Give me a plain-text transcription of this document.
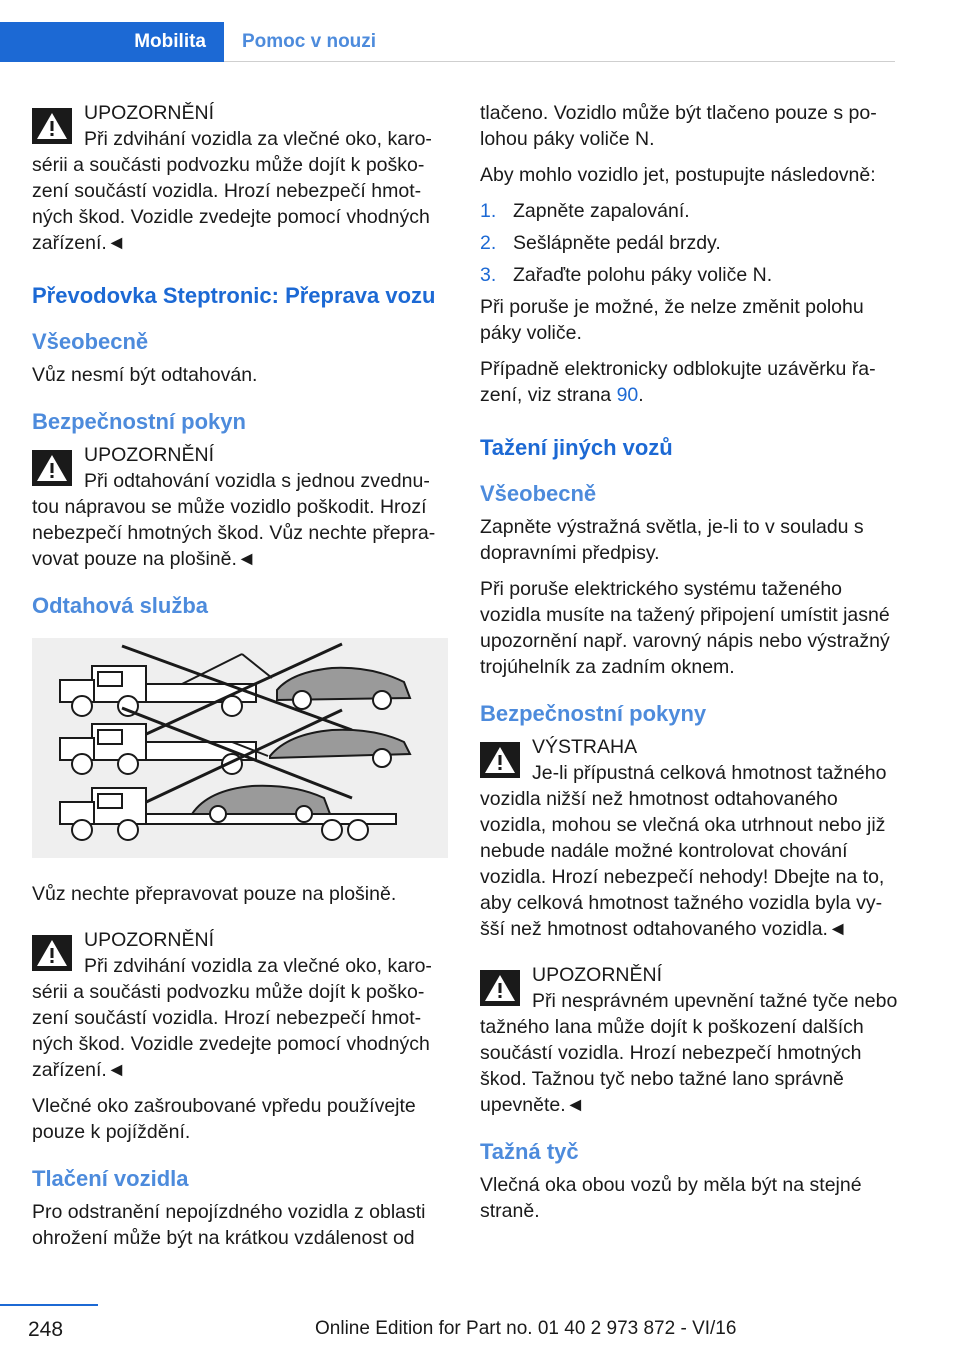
Mobilita	Pomoc v nouzi
UPOZORNĚNÍ
Při zdvihání vozidla za vlečné oko, karosérii a součásti podvozku může dojít k poškození součástí vozidla. Hrozí nebezpečí hmotných škod. Vozidle zvedejte pomocí vhodných zařízení.◄
Převodovka Steptronic: Přeprava vozu
Všeobecně

Vůz nesmí být odtahován.

Bezpečnostní pokyn
UPOZORNĚNÍ
Při odtahování vozidla s jednou zvednutou nápravou se může vozidlo poškodit. Hrozí nebezpečí hmotných škod. Vůz nechte přepravovat pouze na plošině.◄
Odtahová služba

Vůz nechte přepravovat pouze na plošině.

UPOZORNĚNÍ
Při zdvihání vozidla za vlečné oko, karosérii a součásti podvozku může dojít k poškození součástí vozidla. Hrozí nebezpečí hmotných škod. Vozidle zvedejte pomocí vhodných zařízení.◄

Vlečné oko zašroubované vpředu používejte pouze k pojíždění.

Tlačení vozidla

Pro odstranění nepojízdného vozidla z oblasti ohrožení může být na krátkou vzdálenost od

tlačeno. Vozidlo může být tlačeno pouze s polohou páky voliče N.

Aby mohlo vozidlo jet, postupujte následovně:

1. Zapněte zapalování.
2. Sešlápněte pedál brzdy.
3. Zařaďte polohu páky voliče N.

Při poruše je možné, že nelze změnit polohu páky voliče.

Případně elektronicky odblokujte uzávěrku řazení, viz strana 90.

Tažení jiných vozů
Všeobecně

Zapněte výstražná světla, je-li to v souladu s dopravními předpisy.

Při poruše elektrického systému taženého vozidla musíte na tažený připojení umístit jasné upozornění např. varovný nápis nebo výstražný trojúhelník za zadním oknem.

Bezpečnostní pokyny
VÝSTRAHA
Je-li přípustná celková hmotnost tažného vozidla nižší než hmotnost odtahovaného vozidla, mohou se vlečná oka utrhnout nebo již nebude nadále možné kontrolovat chování vozidla. Hrozí nebezpečí nehody! Dbejte na to, aby celková hmotnost tažného vozidla byla vyšší než hmotnost odtahovaného vozidla.◄
UPOZORNĚNÍ
Při nesprávném upevnění tažné tyče nebo tažného lana může dojít k poškození dalších součástí vozidla. Hrozí nebezpečí hmotných škod. Tažnou tyč nebo tažné lano správně upevněte.◄
Tažná tyč

Vlečná oka obou vozů by měla být na stejné straně.

248	Online Edition for Part no. 01 40 2 973 872 - VI/16
